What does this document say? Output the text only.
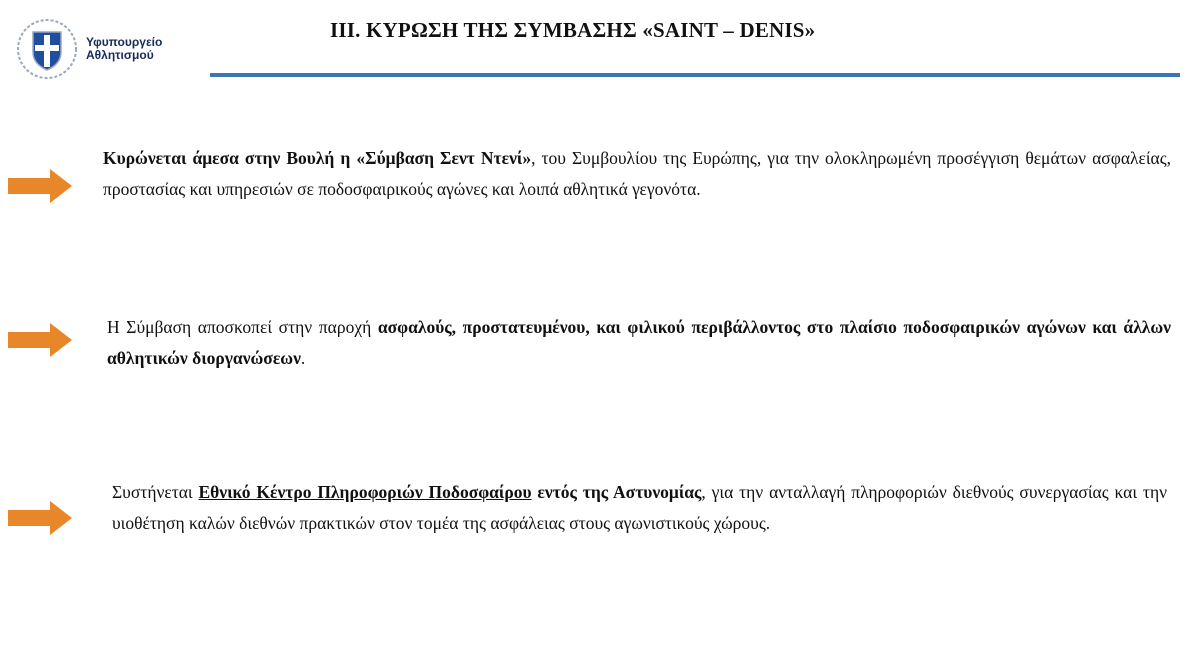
Υφυπουργείο
Αθλητισμού
III. ΚΥΡΩΣΗ ΤΗΣ ΣΥΜΒΑΣΗΣ «SAINT – DENIS»

Κυρώνεται άμεσα στην Βουλή η «Σύμβαση Σεντ Ντενί», του Συμβουλίου της Ευρώπης, για την ολοκληρωμένη προσέγγιση θεμάτων ασφαλείας, προστασίας και υπηρεσιών σε ποδοσφαιρικούς αγώνες και λοιπά αθλητικά γεγονότα.

Η Σύμβαση αποσκοπεί στην παροχή ασφαλούς, προστατευμένου, και φιλικού περιβάλλοντος στο πλαίσιο ποδοσφαιρικών αγώνων και άλλων αθλητικών διοργανώσεων.

Συστήνεται Εθνικό Κέντρο Πληροφοριών Ποδοσφαίρου εντός της Αστυνομίας, για την ανταλλαγή πληροφοριών διεθνούς συνεργασίας και την υιοθέτηση καλών διεθνών πρακτικών στον τομέα της ασφάλειας στους αγωνιστικούς χώρους.
